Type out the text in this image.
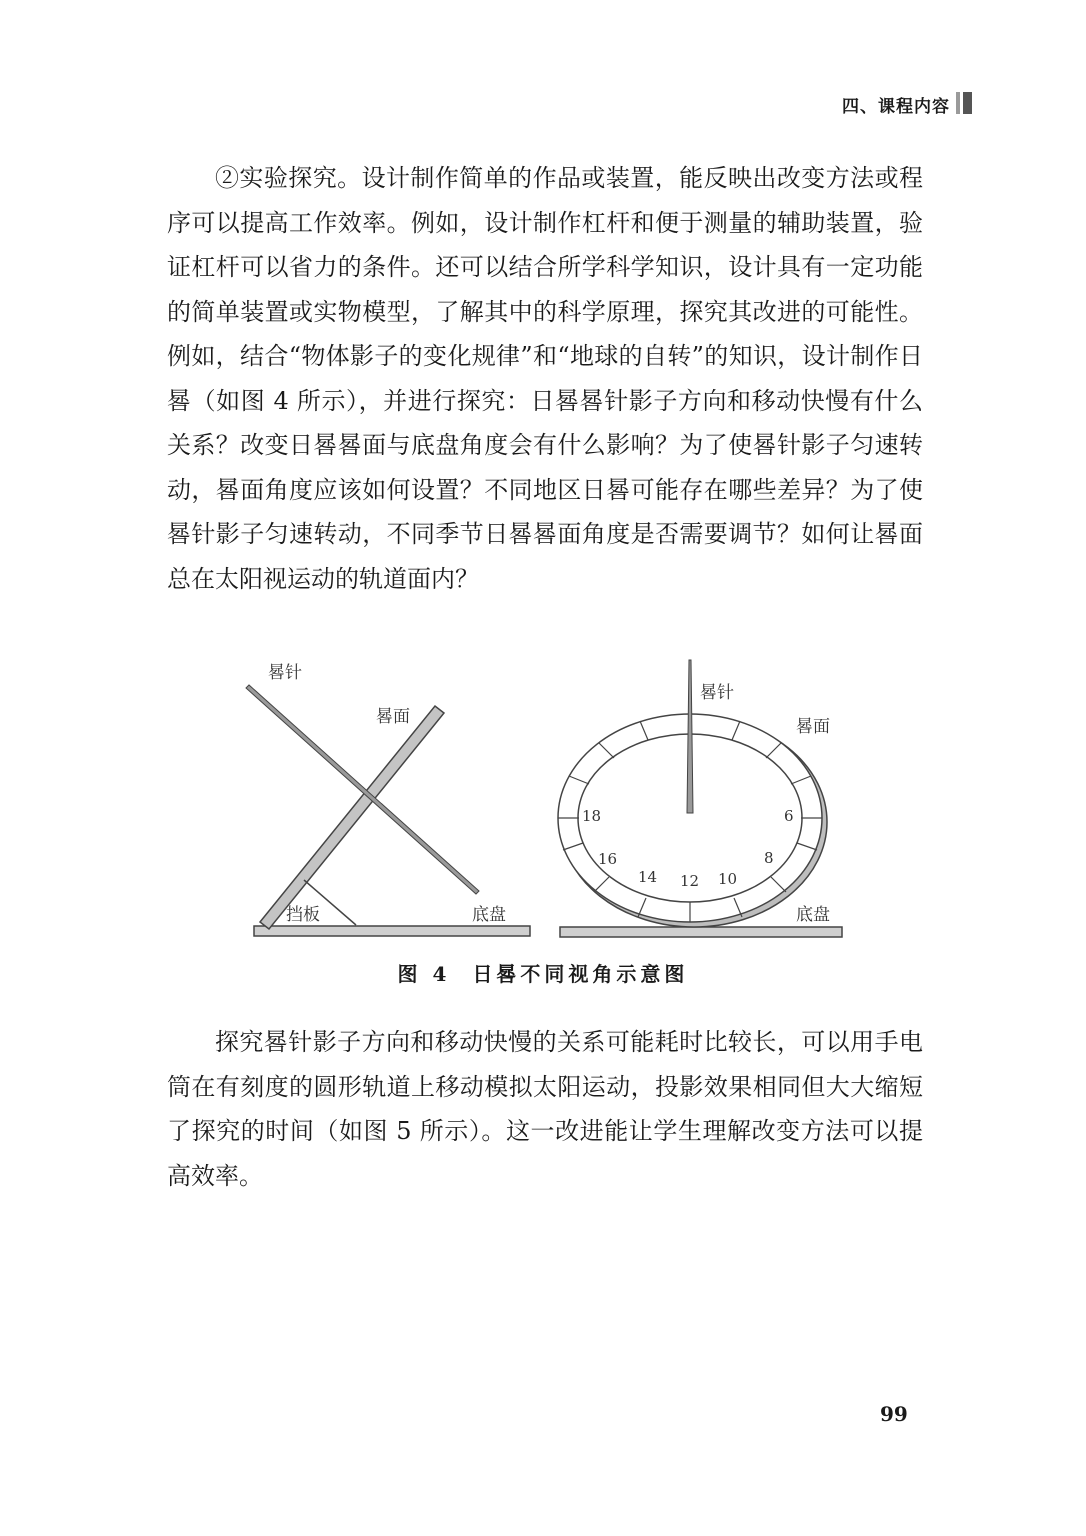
四、课程内容

②实验探究。设计制作简单的作品或装置，能反映出改变方法或程序可以提高工作效率。例如，设计制作杠杆和便于测量的辅助装置，验证杠杆可以省力的条件。还可以结合所学科学知识，设计具有一定功能的简单装置或实物模型，了解其中的科学原理，探究其改进的可能性。例如，结合“物体影子的变化规律”和“地球的自转”的知识，设计制作日晷（如图 4 所示），并进行探究：日晷晷针影子方向和移动快慢有什么关系？改变日晷晷面与底盘角度会有什么影响？为了使晷针影子匀速转动，晷面角度应该如何设置？不同地区日晷可能存在哪些差异？为了使晷针影子匀速转动，不同季节日晷晷面角度是否需要调节？如何让晷面总在太阳视运动的轨道面内？

晷针
晷面
挡板	底盘
晷针
晷面
底盘
18	6
16	8
14 12 10
图 4 日晷不同视角示意图

探究晷针影子方向和移动快慢的关系可能耗时比较长，可以用手电筒在有刻度的圆形轨道上移动模拟太阳运动，投影效果相同但大大缩短了探究的时间（如图 5 所示）。这一改进能让学生理解改变方法可以提高效率。

99
